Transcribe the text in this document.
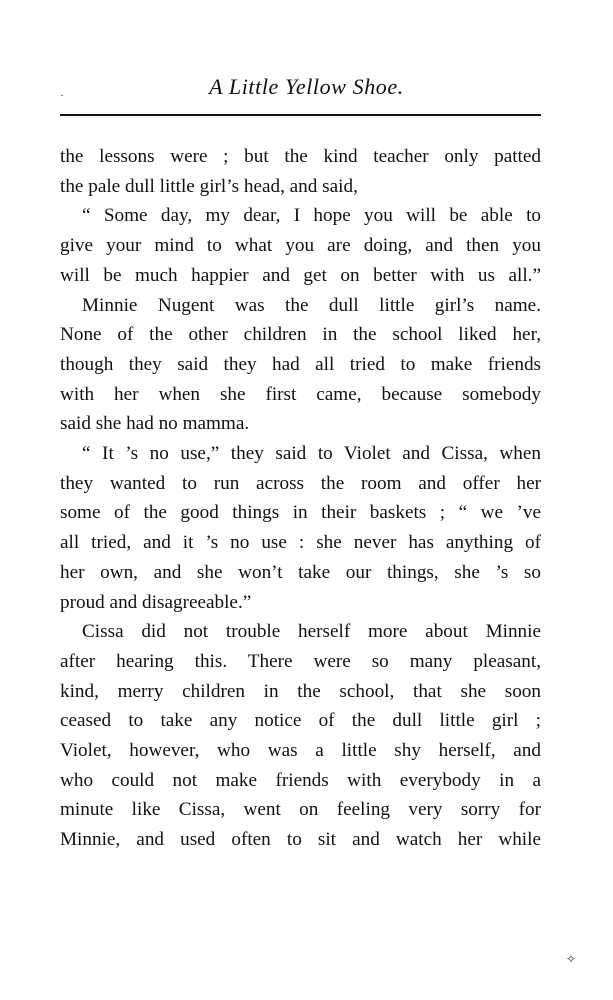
A Little Yellow Shoe.
the lessons were ; but the kind teacher only patted
the pale dull little girl’s head, and said,
“ Some day, my dear, I hope you will be able to
give your mind to what you are doing, and then you
will be much happier and get on better with us all.”
Minnie Nugent was the dull little girl’s name.
None of the other children in the school liked her,
though they said they had all tried to make friends
with her when she first came, because somebody
said she had no mamma.
“ It ’s no use,” they said to Violet and Cissa, when
they wanted to run across the room and offer her
some of the good things in their baskets ; “ we ’ve
all tried, and it ’s no use : she never has anything of
her own, and she won’t take our things, she ’s so
proud and disagreeable.”
Cissa did not trouble herself more about Minnie
after hearing this. There were so many pleasant,
kind, merry children in the school, that she soon
ceased to take any notice of the dull little girl ;
Violet, however, who was a little shy herself, and
who could not make friends with everybody in a
minute like Cissa, went on feeling very sorry for
Minnie, and used often to sit and watch her while
·
✧
